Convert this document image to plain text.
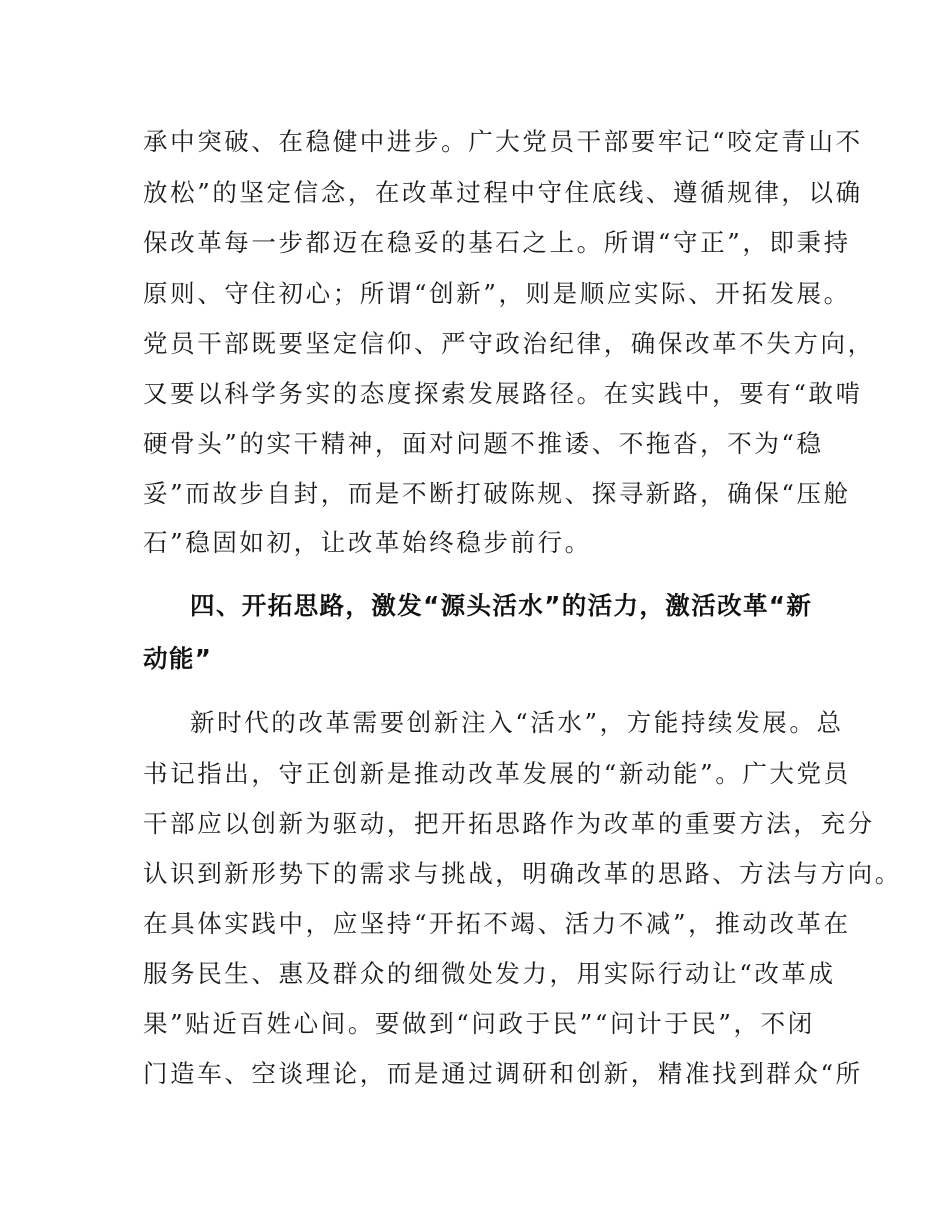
承中突破、在稳健中进步。广大党员干部要牢记“咬定青山不
放松”的坚定信念，在改革过程中守住底线、遵循规律，以确
保改革每一步都迈在稳妥的基石之上。所谓“守正”，即秉持
原则、守住初心；所谓“创新”，则是顺应实际、开拓发展。
党员干部既要坚定信仰、严守政治纪律，确保改革不失方向，
又要以科学务实的态度探索发展路径。在实践中，要有“敢啃
硬骨头”的实干精神，面对问题不推诿、不拖沓，不为“稳
妥”而故步自封，而是不断打破陈规、探寻新路，确保“压舱
石”稳固如初，让改革始终稳步前行。
四、开拓思路，激发“源头活水”的活力，激活改革“新
动能”
新时代的改革需要创新注入“活水”，方能持续发展。总
书记指出，守正创新是推动改革发展的“新动能”。广大党员
干部应以创新为驱动，把开拓思路作为改革的重要方法，充分
认识到新形势下的需求与挑战，明确改革的思路、方法与方向。
在具体实践中，应坚持“开拓不竭、活力不减”，推动改革在
服务民生、惠及群众的细微处发力，用实际行动让“改革成
果”贴近百姓心间。要做到“问政于民”“问计于民”，不闭
门造车、空谈理论，而是通过调研和创新，精准找到群众“所
